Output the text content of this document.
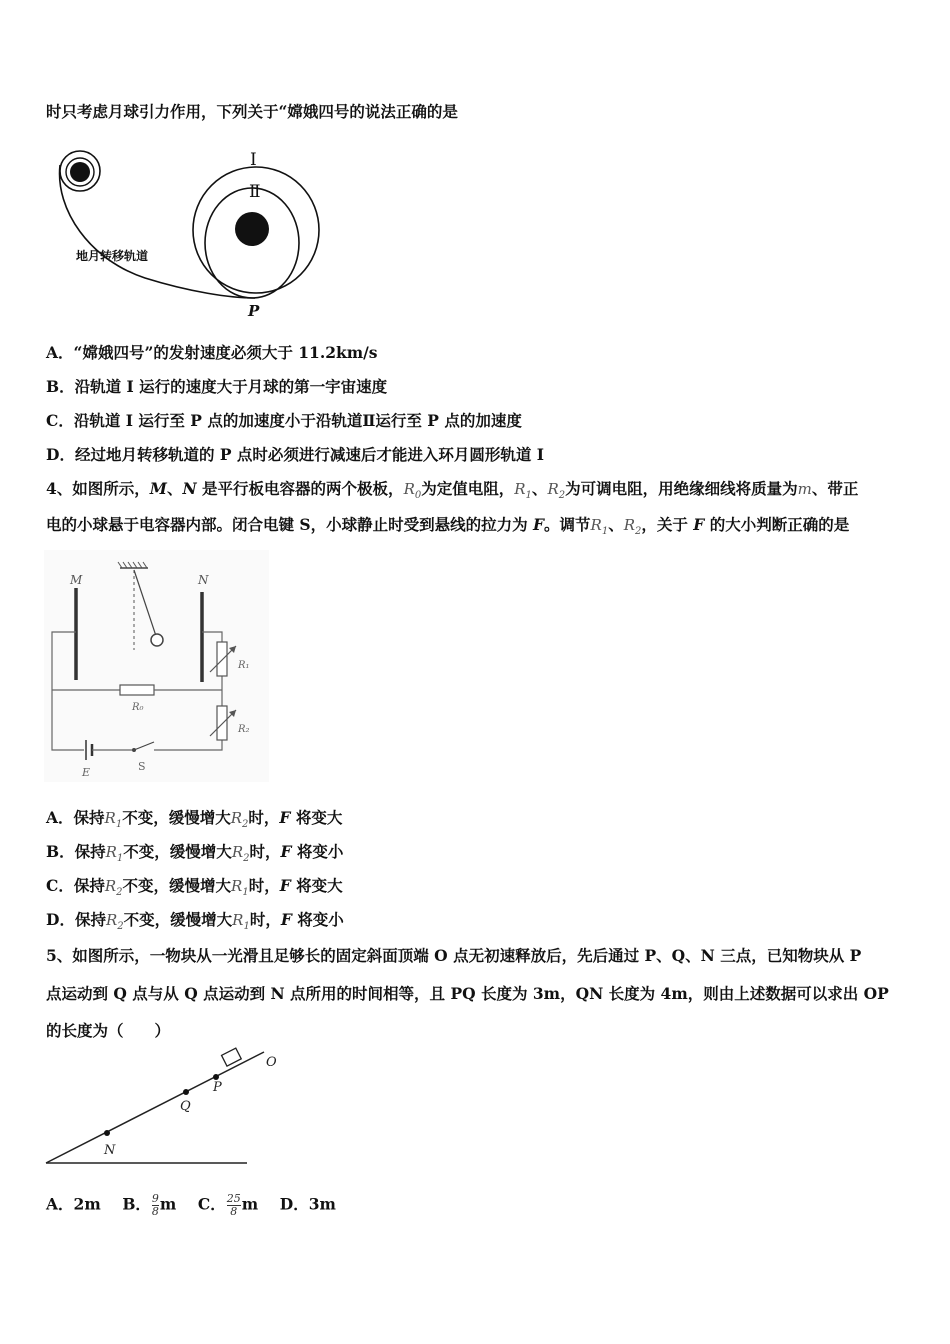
时只考虑月球引力作用，下列关于“嫦娥四号的说法正确的是
I
Ⅱ
地月转移轨道
P
A．“嫦娥四号”的发射速度必须大于 11.2km/s
B．沿轨道 I 运行的速度大于月球的第一宇宙速度
C．沿轨道 I 运行至 P 点的加速度小于沿轨道Ⅱ运行至 P 点的加速度
D．经过地月转移轨道的 P 点时必须进行减速后才能进入环月圆形轨道 I
4、如图所示，M、N 是平行板电容器的两个极板，$R_0$为定值电阻，$R_1$、$R_2$为可调电阻，用绝缘细线将质量为m、带正
电的小球悬于电容器内部。闭合电键 S，小球静止时受到悬线的拉力为 F。调节$R_1$、$R_2$，关于 F 的大小判断正确的是
M	N
R₀
R₁
R₂
E	S
A．保持$R_1$不变，缓慢增大$R_2$时，F 将变大
B．保持$R_1$不变，缓慢增大$R_2$时，F 将变小
C．保持$R_2$不变，缓慢增大$R_1$时，F 将变大
D．保持$R_2$不变，缓慢增大$R_1$时，F 将变小
5、如图所示，一物块从一光滑且足够长的固定斜面顶端 O 点无初速释放后，先后通过 P、Q、N 三点，已知物块从 P
点运动到 Q 点与从 Q 点运动到 N 点所用的时间相等，且 PQ 长度为 3m，QN 长度为 4m，则由上述数据可以求出 OP
的长度为（　　）
O
P
Q
N
A．2m B． $\frac{9}{8}$ m C． $\frac{25}{8}$ m D．3m
